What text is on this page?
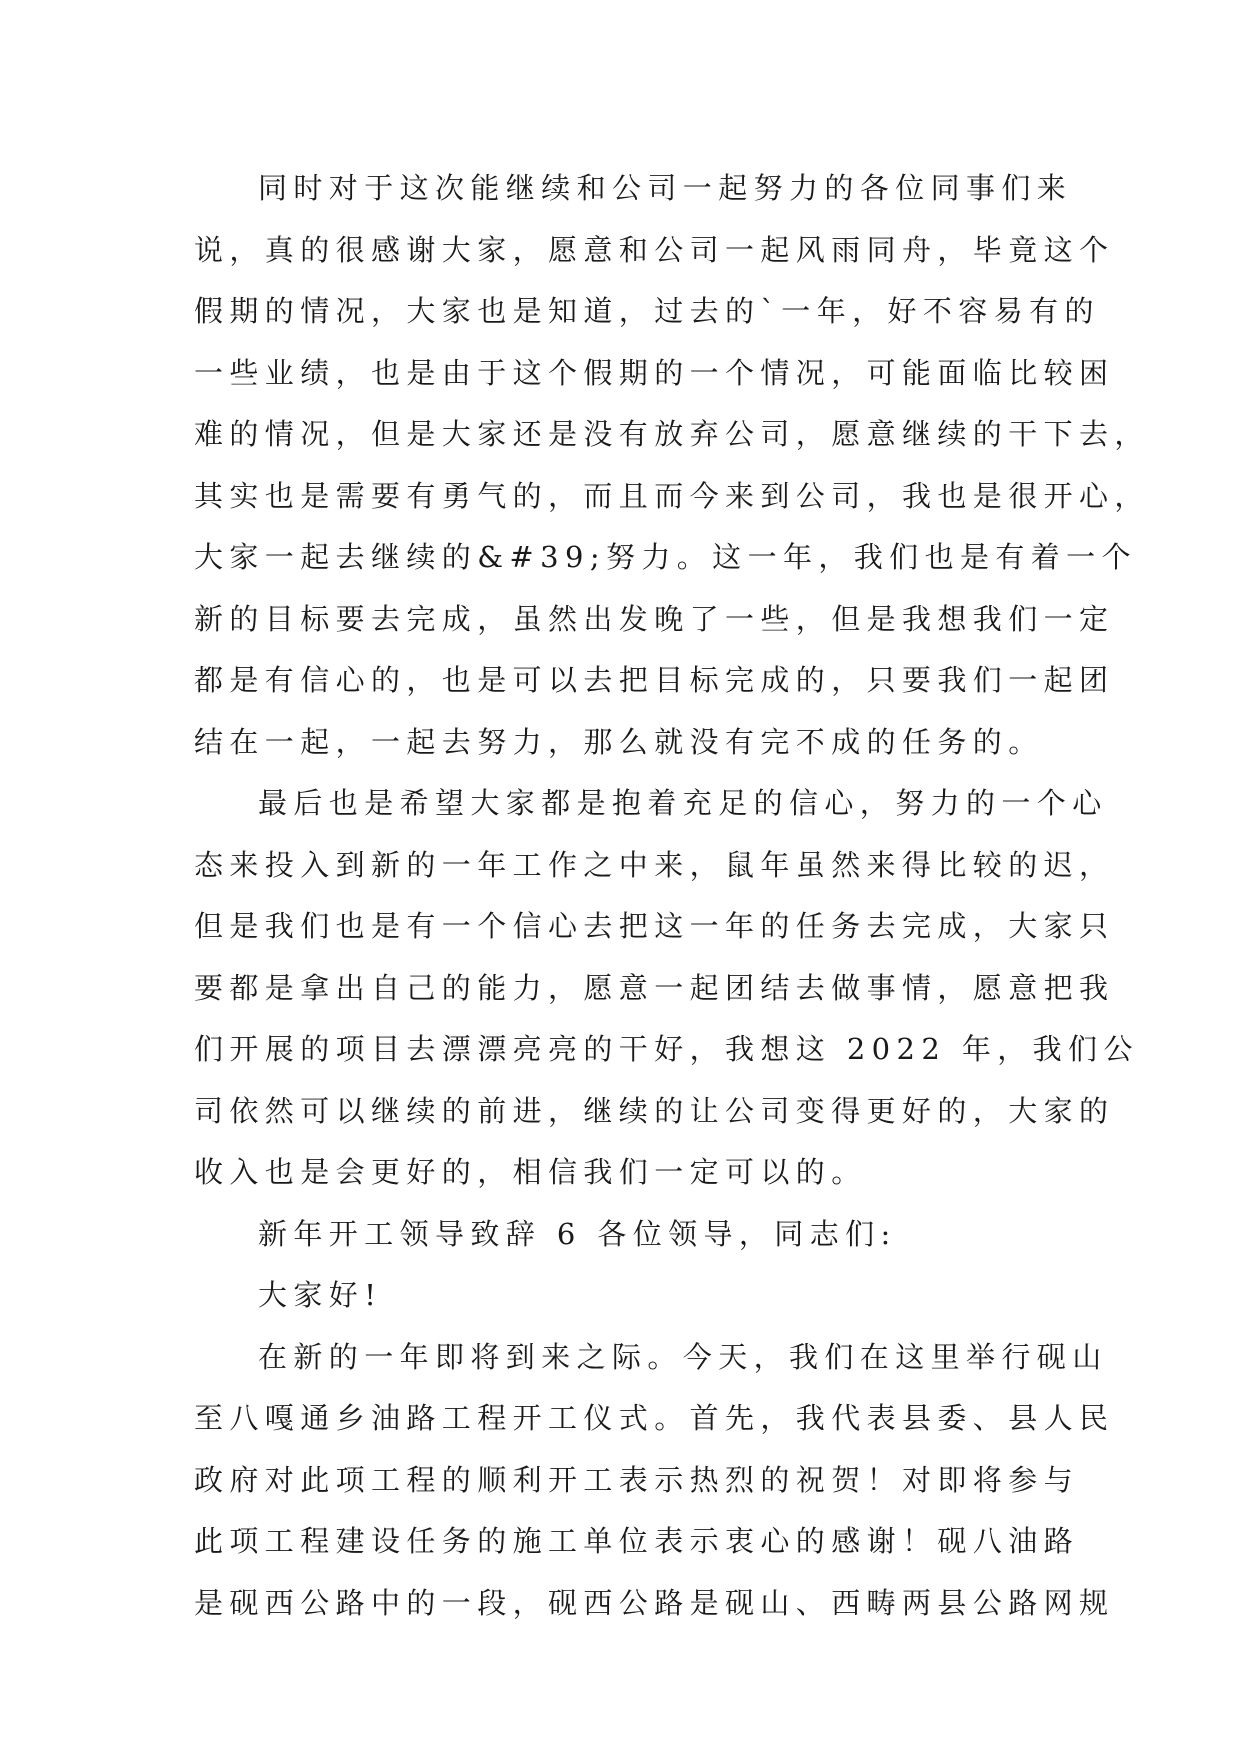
同时对于这次能继续和公司一起努力的各位同事们来
说，真的很感谢大家，愿意和公司一起风雨同舟，毕竟这个
假期的情况，大家也是知道，过去的`一年，好不容易有的
一些业绩，也是由于这个假期的一个情况，可能面临比较困
难的情况，但是大家还是没有放弃公司，愿意继续的干下去，
其实也是需要有勇气的，而且而今来到公司，我也是很开心，
大家一起去继续的&#39;努力。这一年，我们也是有着一个
新的目标要去完成，虽然出发晚了一些，但是我想我们一定
都是有信心的，也是可以去把目标完成的，只要我们一起团
结在一起，一起去努力，那么就没有完不成的任务的。
最后也是希望大家都是抱着充足的信心，努力的一个心
态来投入到新的一年工作之中来，鼠年虽然来得比较的迟，
但是我们也是有一个信心去把这一年的任务去完成，大家只
要都是拿出自己的能力，愿意一起团结去做事情，愿意把我
们开展的项目去漂漂亮亮的干好，我想这 2022 年，我们公
司依然可以继续的前进，继续的让公司变得更好的，大家的
收入也是会更好的，相信我们一定可以的。
新年开工领导致辞 6 各位领导，同志们:
大家好!
在新的一年即将到来之际。今天，我们在这里举行砚山
至八嘎通乡油路工程开工仪式。首先，我代表县委、县人民
政府对此项工程的顺利开工表示热烈的祝贺！对即将参与
此项工程建设任务的施工单位表示衷心的感谢！砚八油路
是砚西公路中的一段，砚西公路是砚山、西畴两县公路网规
